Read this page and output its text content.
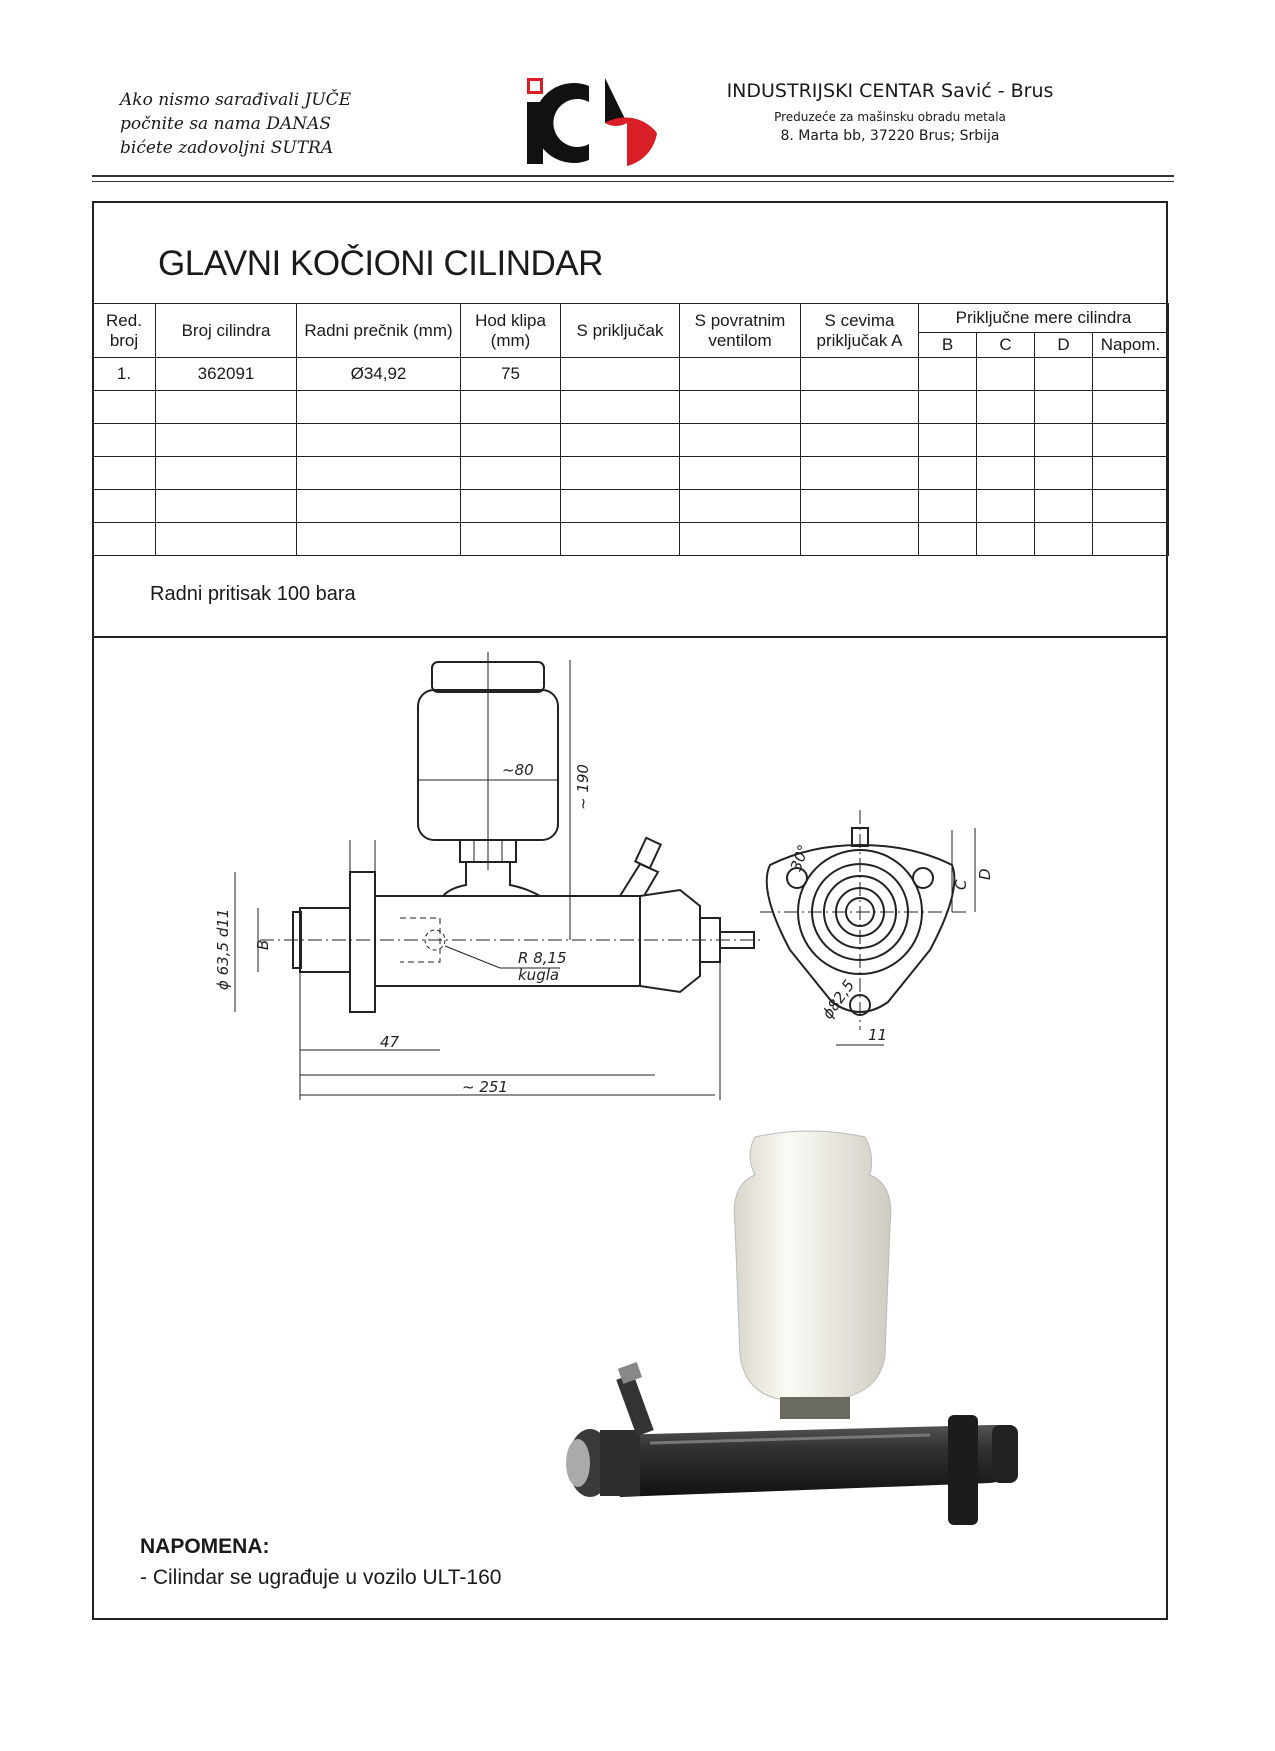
Ako nismo sarađivali JUČE
počnite sa nama DANAS
bićete zadovoljni SUTRA
INDUSTRIJSKI CENTAR Savić - Brus
Preduzeće za mašinsku obradu metala
8. Marta bb, 37220 Brus; Srbija
GLAVNI KOČIONI CILINDAR
Red. broj	Broj cilindra	Radni prečnik (mm)	Hod klipa (mm)	S priključak	S povratnim ventilom	S cevima priključak A	Priključne mere cilindra			
							B	C	D	Napom.
1.	362091	Ø34,92	75							

Radni pritisak 100 bara
~80	~ 190
ϕ 63,5 d11 B
R 8,15
kugla
47
~ 251
30°
C
D
ϕ82,5
11
NAPOMENA:
- Cilindar se ugrađuje u vozilo ULT-160
